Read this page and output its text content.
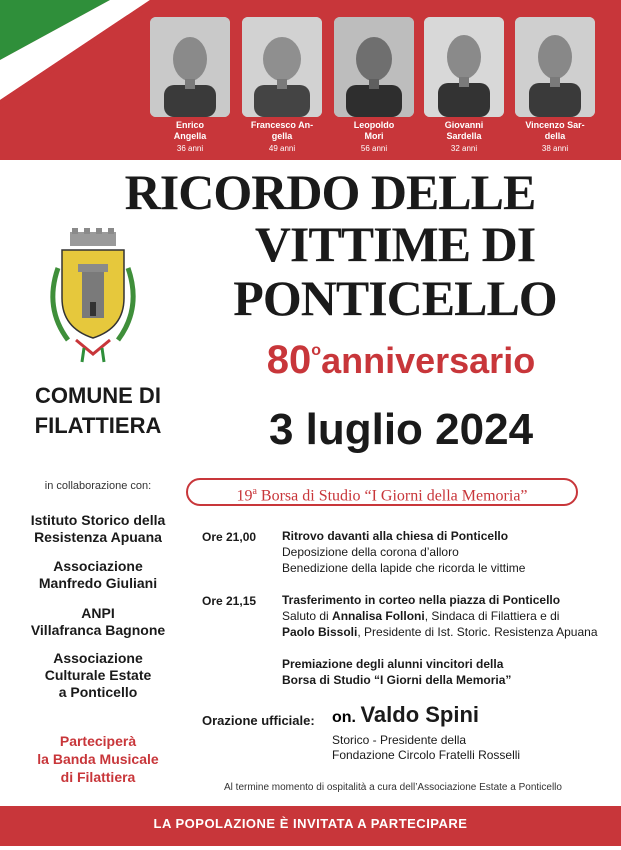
Enrico
Angella
36 anni
Francesco An-
gella
49 anni
Leopoldo
Mori
56 anni
Giovanni
Sardella
32 anni
Vincenzo Sar-
della
38 anni
RICORDO DELLE
VITTIME DI
PONTICELLO
80oanniversario
3 luglio 2024
COMUNE DI
FILATTIERA
in collaborazione con:
Istituto Storico della
Resistenza Apuana
Associazione
Manfredo Giuliani
ANPI
Villafranca Bagnone
Associazione
Culturale Estate
a Ponticello
Parteciperà
la Banda Musicale
di Filattiera
19$^a$ Borsa di Studio “I Giorni della Memoria”
Ore 21,00 Ritrovo davanti alla chiesa di Ponticello
Deposizione della corona d’alloro
Benedizione della lapide che ricorda le vittime
Ore 21,15 Trasferimento in corteo nella piazza di Ponticello
Saluto di Annalisa Folloni, Sindaca di Filattiera e di
Paolo Bissoli, Presidente di Ist. Storic. Resistenza Apuana
Premiazione degli alunni vincitori della
Borsa di Studio “I Giorni della Memoria”
Orazione ufficiale: on. Valdo Spini
Storico - Presidente della
Fondazione Circolo Fratelli Rosselli
Al termine momento di ospitalità a cura dell’Associazione Estate a Ponticello
LA POPOLAZIONE È INVITATA A PARTECIPARE
